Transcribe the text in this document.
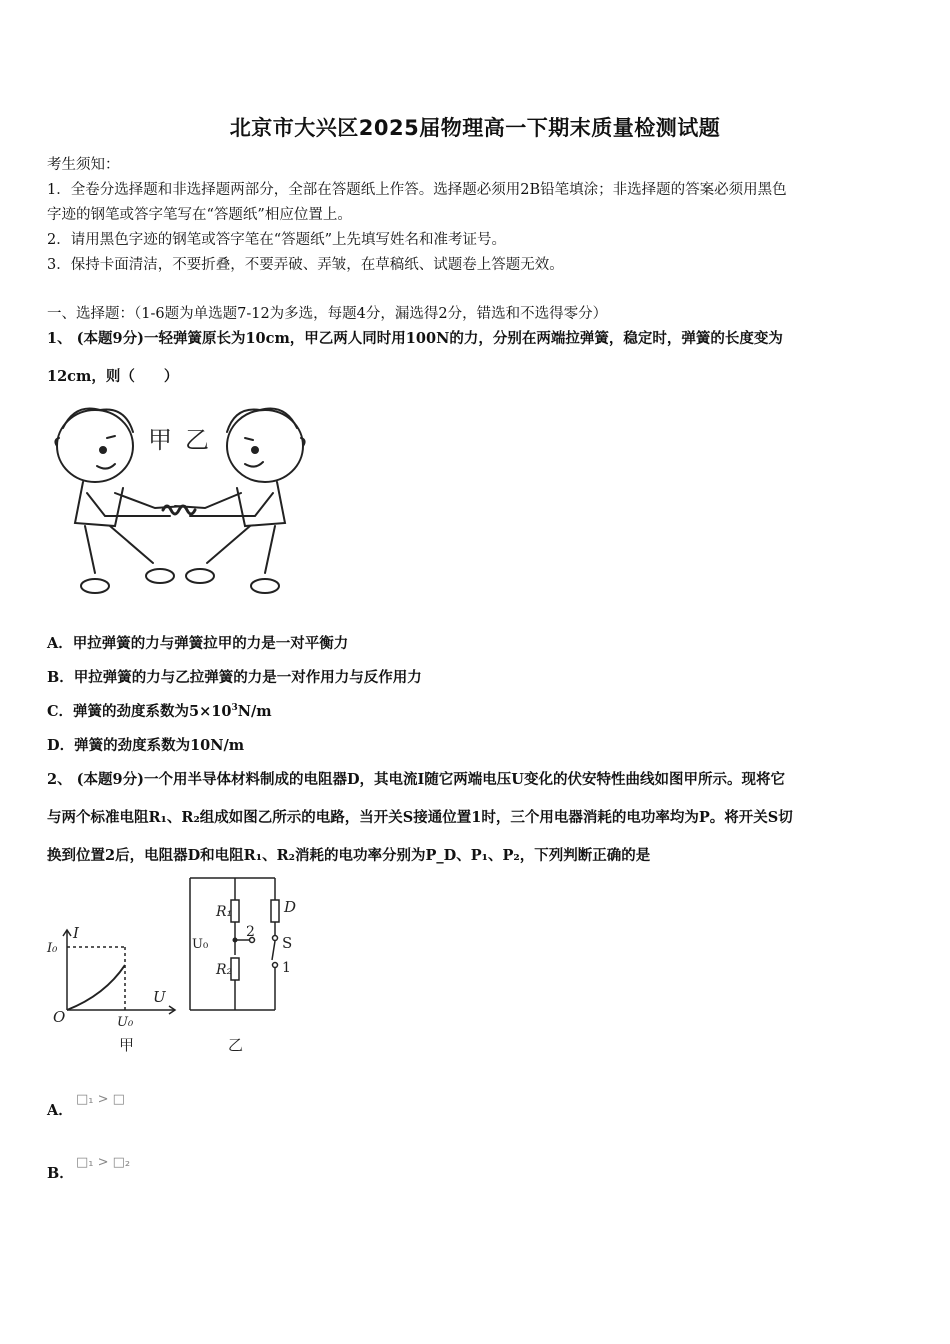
北京市大兴区2025届物理高一下期末质量检测试题
考生须知：
1．全卷分选择题和非选择题两部分，全部在答题纸上作答。选择题必须用2B铅笔填涂；非选择题的答案必须用黑色
字迹的钢笔或答字笔写在“答题纸”相应位置上。
2．请用黑色字迹的钢笔或答字笔在“答题纸”上先填写姓名和准考证号。
3．保持卡面清洁，不要折叠，不要弄破、弄皱，在草稿纸、试题卷上答题无效。
一、选择题：（1-6题为单选题7-12为多选，每题4分，漏选得2分，错选和不选得零分）
1、 (本题9分)一轻弹簧原长为10cm，甲乙两人同时用100N的力，分别在两端拉弹簧，稳定时，弹簧的长度变为
12cm，则（　　）
甲 乙
A．甲拉弹簧的力与弹簧拉甲的力是一对平衡力
B．甲拉弹簧的力与乙拉弹簧的力是一对作用力与反作用力
C．弹簧的劲度系数为$5\times 10^3N/m$
D．弹簧的劲度系数为10N/m
2、 (本题9分)一个用半导体材料制成的电阻器D，其电流I随它两端电压U变化的伏安特性曲线如图甲所示。现将它
与两个标准电阻R₁、R₂组成如图乙所示的电路，当开关S接通位置1时，三个用电器消耗的电功率均为P。将开关S切
换到位置2后，电阻器D和电阻R₁、R₂消耗的电功率分别为P_D、P₁、P₂，下列判断正确的是
I
U
O
I₀
U₀
甲
R₁
R₂
D
S
1
2
U₀
乙
A．
□₁ > □
B．
□₁ > □₂
